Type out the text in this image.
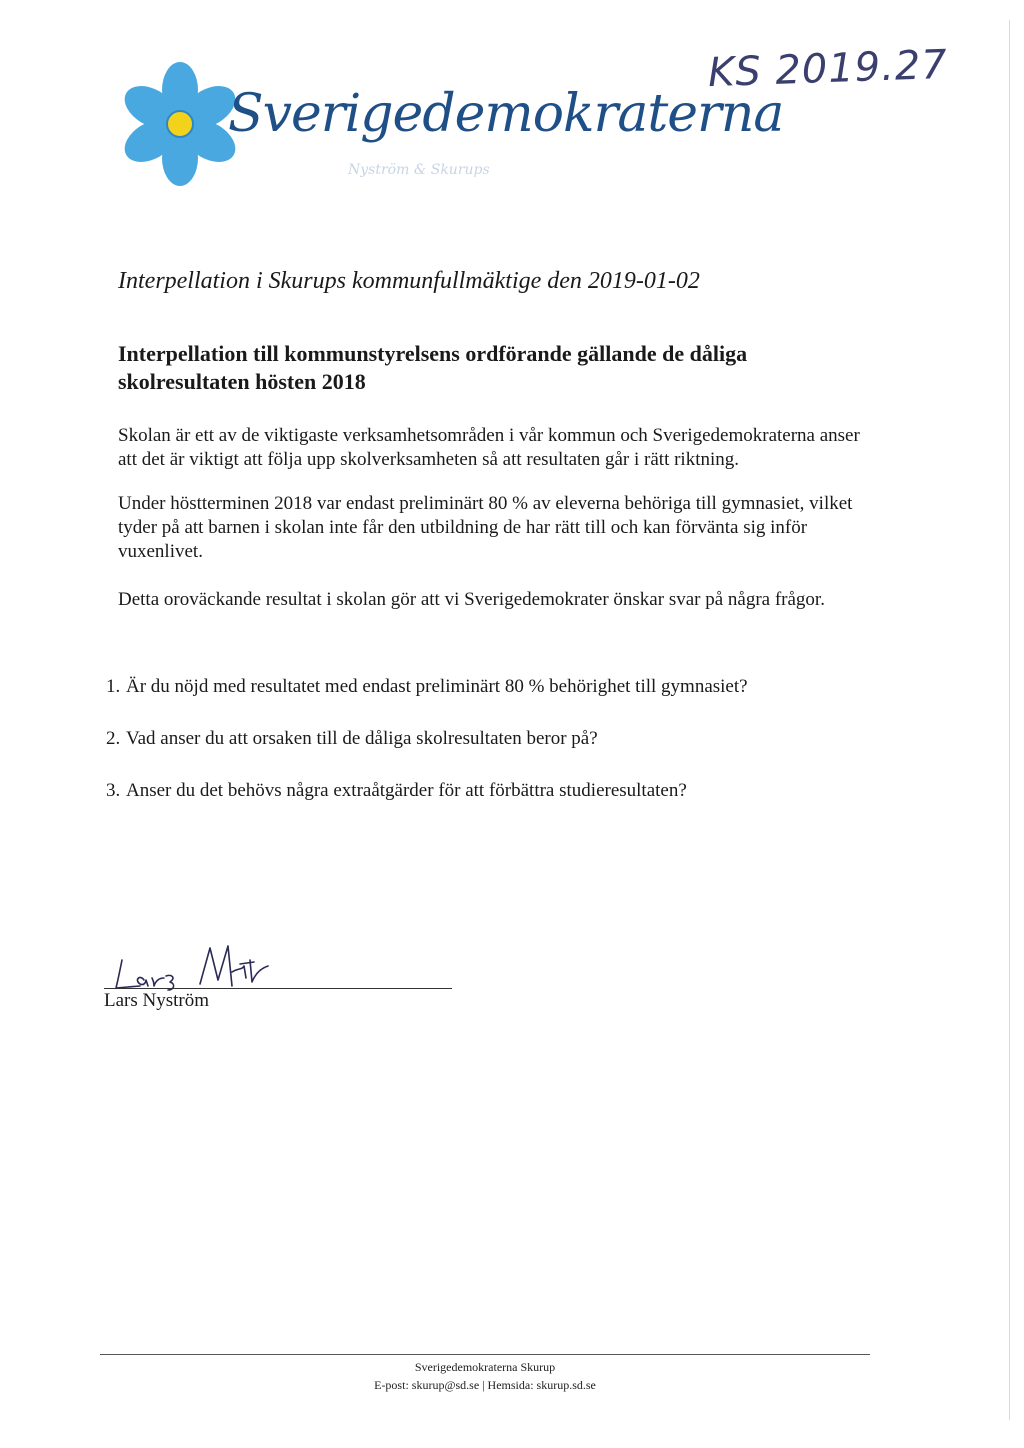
Sverigedemokraterna
Nyström & Skurups
KS 2019.27
Interpellation i Skurups kommunfullmäktige den 2019-01-02
Interpellation till kommunstyrelsens ordförande gällande de dåliga skolresultaten hösten 2018
Skolan är ett av de viktigaste verksamhetsområden i vår kommun och Sverigedemokraterna anser att det är viktigt att följa upp skolverksamheten så att resultaten går i rätt riktning.
Under höstterminen 2018 var endast preliminärt 80 % av eleverna behöriga till gymnasiet, vilket tyder på att barnen i skolan inte får den utbildning de har rätt till och kan förvänta sig inför vuxenlivet.
Detta oroväckande resultat i skolan gör att vi Sverigedemokrater önskar svar på några frågor.
1. Är du nöjd med resultatet med endast preliminärt 80 % behörighet till gymnasiet?
2. Vad anser du att orsaken till de dåliga skolresultaten beror på?
3. Anser du det behövs några extraåtgärder för att förbättra studieresultaten?
Lars Nyström
Sverigedemokraterna Skurup
E-post: skurup@sd.se | Hemsida: skurup.sd.se
